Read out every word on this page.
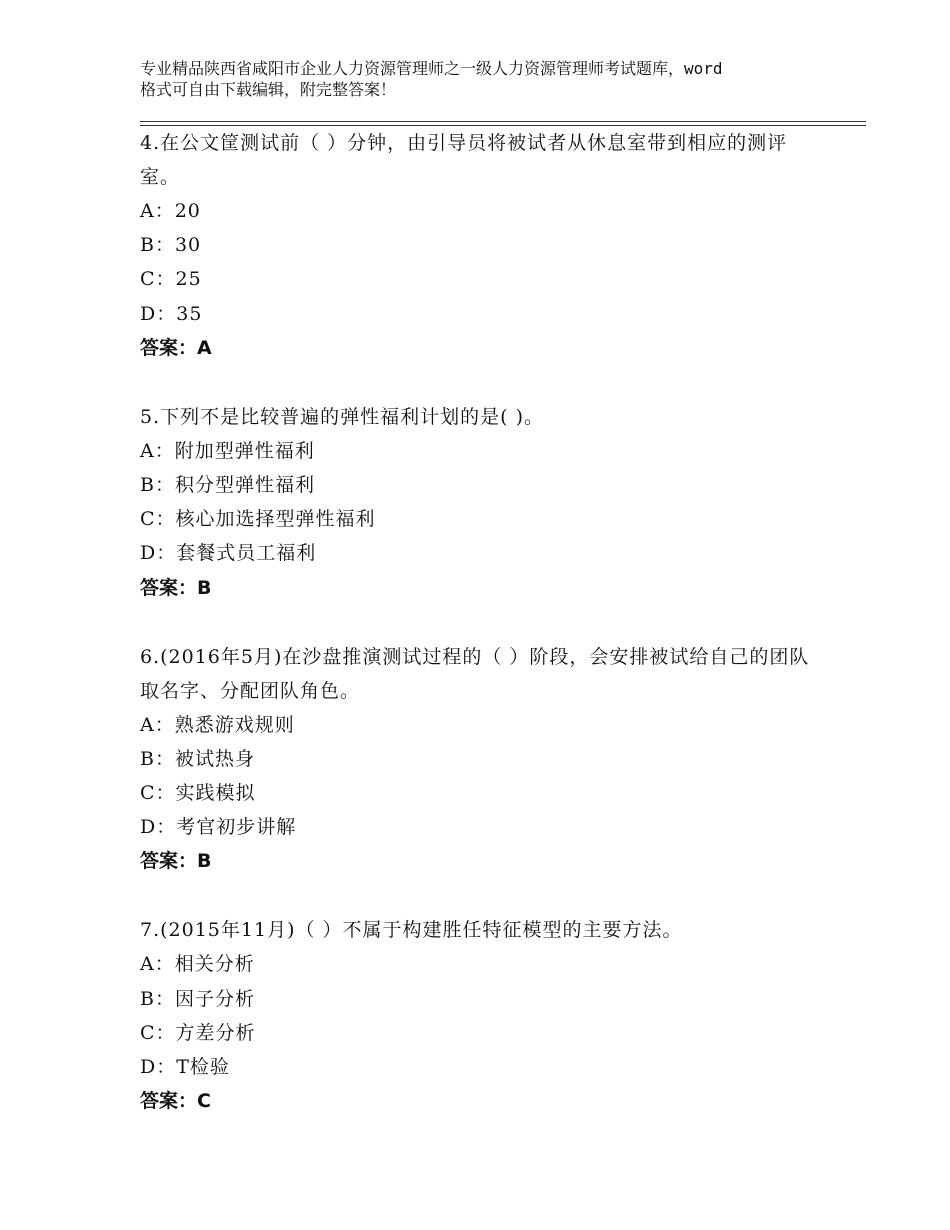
专业精品陕西省咸阳市企业人力资源管理师之一级人力资源管理师考试题库，word
格式可自由下载编辑，附完整答案！

4.在公文筐测试前（ ）分钟，由引导员将被试者从休息室带到相应的测评室。

A：20

B：30

C：25

D：35

答案：A

5.下列不是比较普遍的弹性福利计划的是( )。

A：附加型弹性福利

B：积分型弹性福利

C：核心加选择型弹性福利

D：套餐式员工福利

答案：B

6.(2016年5月)在沙盘推演测试过程的（ ）阶段，会安排被试给自己的团队取名字、分配团队角色。

A：熟悉游戏规则

B：被试热身

C：实践模拟

D：考官初步讲解

答案：B

7.(2015年11月)（ ）不属于构建胜任特征模型的主要方法。

A：相关分析

B：因子分析

C：方差分析

D：T检验

答案：C
